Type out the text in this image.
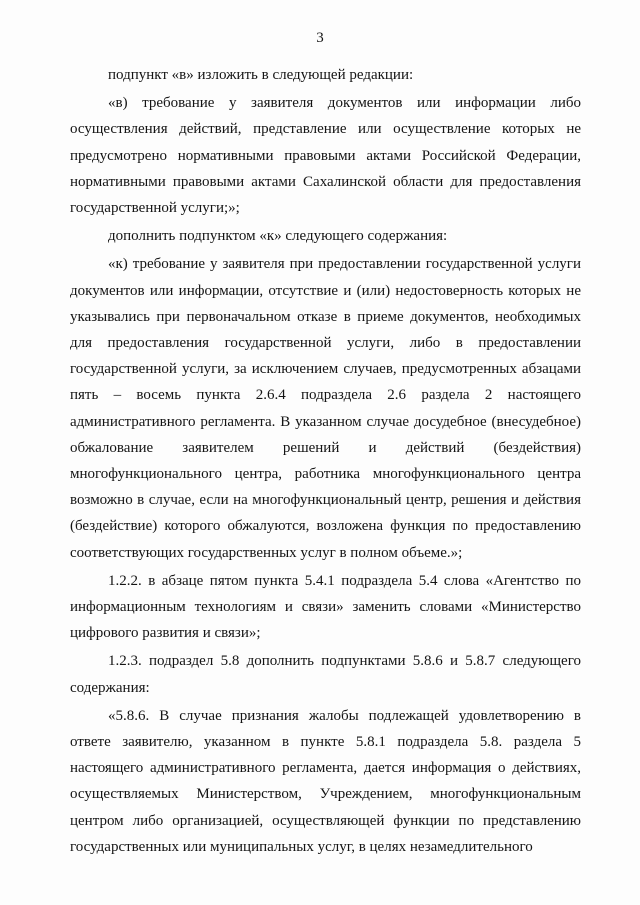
3

подпункт «в» изложить в следующей редакции:

«в) требование у заявителя документов или информации либо осуществления действий, представление или осуществление которых не предусмотрено нормативными правовыми актами Российской Федерации, нормативными правовыми актами Сахалинской области для предоставления государственной услуги;»;

дополнить подпунктом «к» следующего содержания:

«к) требование у заявителя при предоставлении государственной услуги документов или информации, отсутствие и (или) недостоверность которых не указывались при первоначальном отказе в приеме документов, необходимых для предоставления государственной услуги, либо в предоставлении государственной услуги, за исключением случаев, предусмотренных абзацами пять – восемь пункта 2.6.4 подраздела 2.6 раздела 2 настоящего административного регламента. В указанном случае досудебное (внесудебное) обжалование заявителем решений и действий (бездействия) многофункционального центра, работника многофункционального центра возможно в случае, если на многофункциональный центр, решения и действия (бездействие) которого обжалуются, возложена функция по предоставлению соответствующих государственных услуг в полном объеме.»;

1.2.2. в абзаце пятом пункта 5.4.1 подраздела 5.4 слова «Агентство по информационным технологиям и связи» заменить словами «Министерство цифрового развития и связи»;

1.2.3. подраздел 5.8 дополнить подпунктами 5.8.6 и 5.8.7 следующего содержания:

«5.8.6. В случае признания жалобы подлежащей удовлетворению в ответе заявителю, указанном в пункте 5.8.1 подраздела 5.8. раздела 5 настоящего административного регламента, дается информация о действиях, осуществляемых Министерством, Учреждением, многофункциональным центром либо организацией, осуществляющей функции по представлению государственных или муниципальных услуг, в целях незамедлительного
